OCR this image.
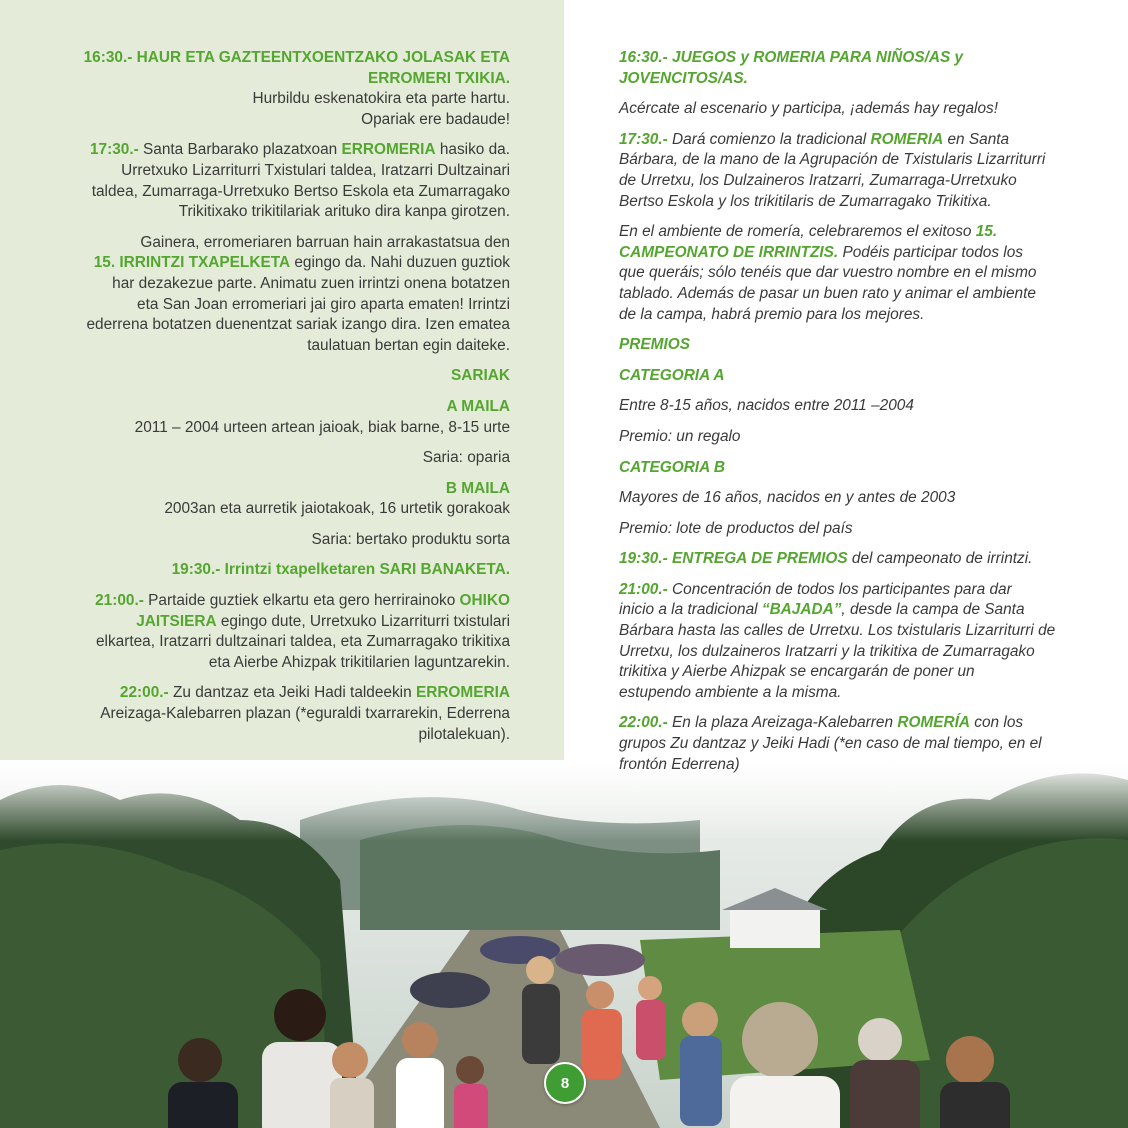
16:30.- HAUR ETA GAZTEENTXOENTZAKO JOLASAK ETA
ERROMERI TXIKIA.
Hurbildu eskenatokira eta parte hartu.
Opariak ere badaude!
17:30.- Santa Barbarako plazatxoan ERROMERIA hasiko da.
Urretxuko Lizarriturri Txistulari taldea, Iratzarri Dultzainari
taldea, Zumarraga-Urretxuko Bertso Eskola eta Zumarragako
Trikitixako trikitilariak arituko dira kanpa girotzen.
Gainera, erromeriaren barruan hain arrakastatsua den
15. IRRINTZI TXAPELKETA egingo da. Nahi duzuen guztiok
har dezakezue parte. Animatu zuen irrintzi onena botatzen
eta San Joan erromeriari jai giro aparta ematen! Irrintzi
ederrena botatzen duenentzat sariak izango dira. Izen ematea
taulatuan bertan egin daiteke.
SARIAK
A MAILA
2011 – 2004 urteen artean jaioak, biak barne, 8-15 urte
Saria: oparia
B MAILA
2003an eta aurretik jaiotakoak, 16 urtetik gorakoak
Saria: bertako produktu sorta
19:30.- Irrintzi txapelketaren SARI BANAKETA.
21:00.- Partaide guztiek elkartu eta gero herrirainoko OHIKO
JAITSIERA egingo dute, Urretxuko Lizarriturri txistulari
elkartea, Iratzarri dultzainari taldea, eta Zumarragako trikitixa
eta Aierbe Ahizpak trikitilarien laguntzarekin.
22:00.- Zu dantzaz eta Jeiki Hadi taldeekin ERROMERIA
Areizaga-Kalebarren plazan (*eguraldi txarrarekin, Ederrena
pilotalekuan).
16:30.- JUEGOS y ROMERIA PARA NIÑOS/AS y
JOVENCITOS/AS.
Acércate al escenario y participa, ¡además hay regalos!
17:30.- Dará comienzo la tradicional ROMERIA en Santa
Bárbara, de la mano de la Agrupación de Txistularis Lizarriturri
de Urretxu, los Dulzaineros Iratzarri, Zumarraga-Urretxuko
Bertso Eskola y los trikitilaris de Zumarragako Trikitixa.
En el ambiente de romería, celebraremos el exitoso 15.
CAMPEONATO DE IRRINTZIS. Podéis participar todos los
que queráis; sólo tenéis que dar vuestro nombre en el mismo
tablado. Además de pasar un buen rato y animar el ambiente
de la campa, habrá premio para los mejores.
PREMIOS
CATEGORIA A
Entre 8-15 años, nacidos entre 2011 –2004
Premio: un regalo
CATEGORIA B
Mayores de 16 años, nacidos en y antes de 2003
Premio: lote de productos del país
19:30.- ENTREGA DE PREMIOS del campeonato de irrintzi.
21:00.- Concentración de todos los participantes para dar
inicio a la tradicional “BAJADA”, desde la campa de Santa
Bárbara hasta las calles de Urretxu. Los txistularis Lizarriturri de
Urretxu, los dulzaineros Iratzarri y la trikitixa de Zumarragako
trikitixa y Aierbe Ahizpak se encargarán de poner un
estupendo ambiente a la misma.
22:00.- En la plaza Areizaga-Kalebarren ROMERÍA con los
grupos Zu dantzaz y Jeiki Hadi (*en caso de mal tiempo, en el
frontón Ederrena)
8
